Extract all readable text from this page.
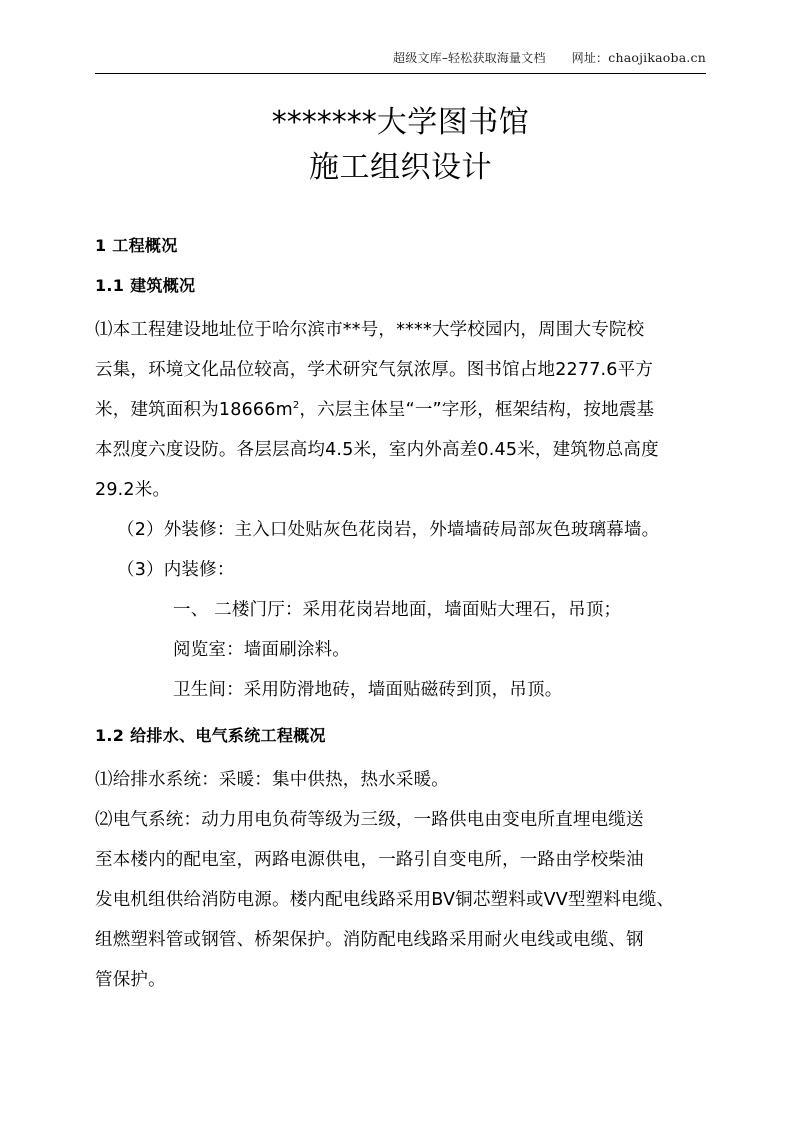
超级文库–轻松获取海量文档 网址： chaojikaoba.cn
*******大学图书馆
施工组织设计
1 工程概况
1.1 建筑概况

⑴本工程建设地址位于哈尔滨市**号，****大学校园内，周围大专院校

云集，环境文化品位较高，学术研究气氛浓厚。图书馆占地2277.6平方

米，建筑面积为$18666m^2$，六层主体呈“一”字形，框架结构，按地震基

本烈度六度设防。各层层高均4.5米，室内外高差0.45米，建筑物总高度

29.2米。

（2）外装修：主入口处贴灰色花岗岩，外墙墙砖局部灰色玻璃幕墙。

（3）内装修：

一、 二楼门厅：采用花岗岩地面，墙面贴大理石，吊顶；

阅览室：墙面刷涂料。

卫生间：采用防滑地砖，墙面贴磁砖到顶，吊顶。

1.2 给排水、电气系统工程概况

⑴给排水系统：采暖：集中供热，热水采暖。

⑵电气系统：动力用电负荷等级为三级，一路供电由变电所直埋电缆送

至本楼内的配电室，两路电源供电，一路引自变电所，一路由学校柴油

发电机组供给消防电源。楼内配电线路采用BV铜芯塑料或VV型塑料电缆、

组燃塑料管或钢管、桥架保护。消防配电线路采用耐火电线或电缆、钢

管保护。
